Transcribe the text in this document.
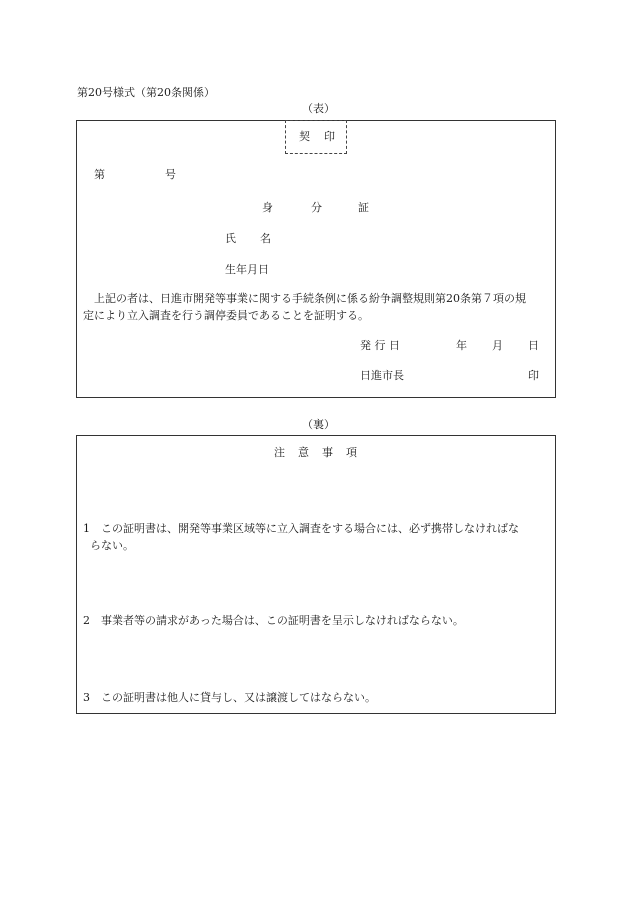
第20号様式（第20条関係）
（表）
契 印
第	号
身	分	証
氏 名
生年月日
上記の者は、日進市開発等事業に関する手続条例に係る紛争調整規則第20条第７項の規
定により立入調査を行う調停委員であることを証明する。
発 行 日	年 月 日
日進市長	印
（裏）
注 意 事 項
1 この証明書は、開発等事業区域等に立入調査をする場合には、必ず携帯しなければな
らない。
2 事業者等の請求があった場合は、この証明書を呈示しなければならない。
3 この証明書は他人に貸与し、又は譲渡してはならない。
